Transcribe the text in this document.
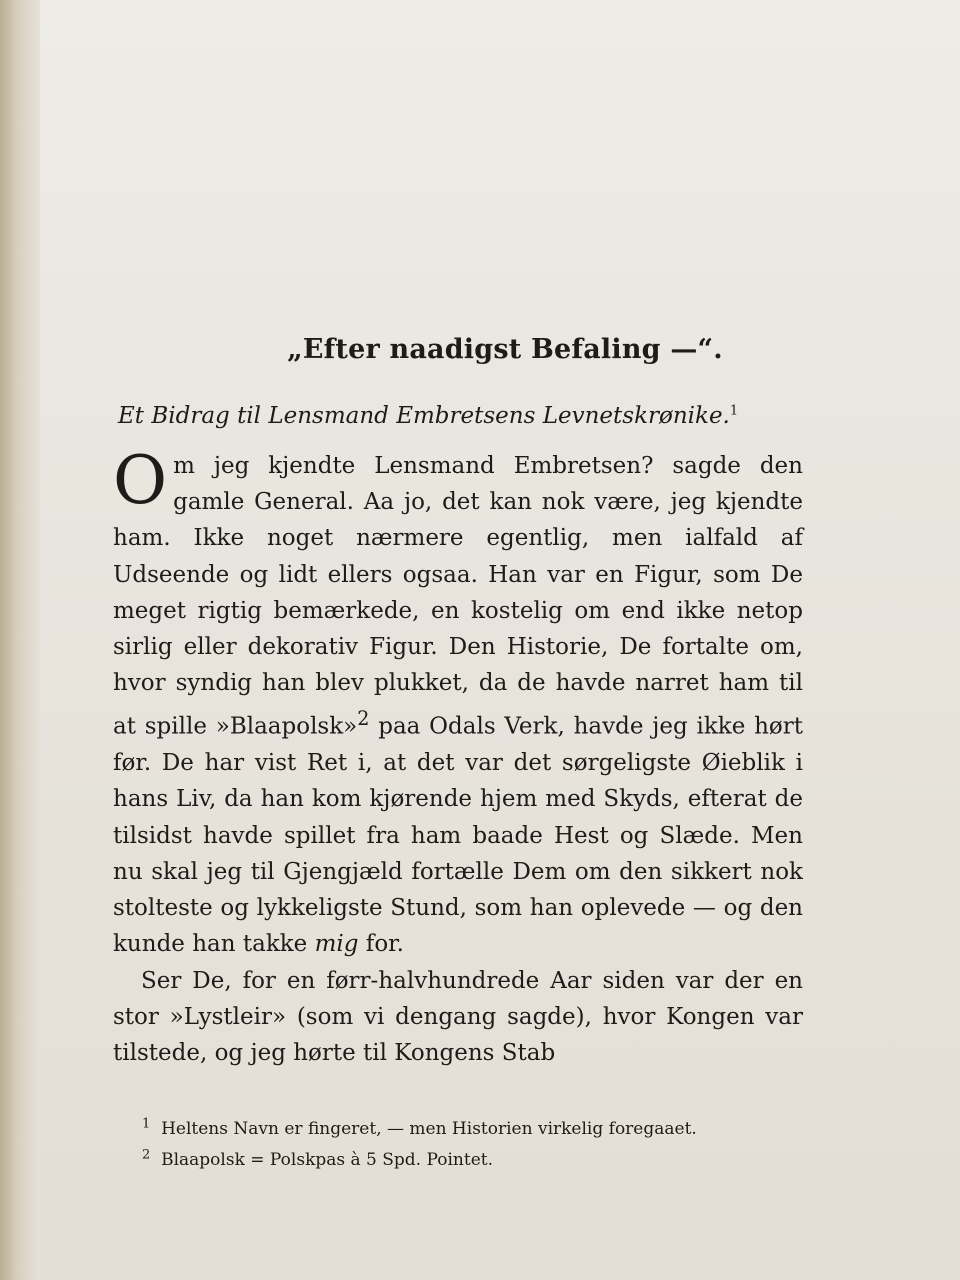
„Efter naadigst Befaling —“.
Et Bidrag til Lensmand Embretsens Levnetskrønike.$^1$

Om jeg kjendte Lensmand Embretsen? sagde den gamle General. Aa jo, det kan nok være, jeg kjendte ham. Ikke noget nærmere egentlig, men ialfald af Udseende og lidt ellers ogsaa. Han var en Figur, som De meget rigtig bemærkede, en kostelig om end ikke netop sirlig eller dekorativ Figur. Den Historie, De fortalte om, hvor syndig han blev plukket, da de havde narret ham til at spille »Blaapolsk»$^2$ paa Odals Verk, havde jeg ikke hørt før. De har vist Ret i, at det var det sørgeligste Øieblik i hans Liv, da han kom kjørende hjem med Skyds, efterat de tilsidst havde spillet fra ham baade Hest og Slæde. Men nu skal jeg til Gjengjæld fortælle Dem om den sikkert nok stolteste og lykkeligste Stund, som han oplevede — og den kunde han takke mig for.

Ser De, for en førr-halvhundrede Aar siden var der en stor »Lystleir» (som vi dengang sagde), hvor Kongen var tilstede, og jeg hørte til Kongens Stab

$^1$ Heltens Navn er fingeret, — men Historien virkelig foregaaet.
$^2$ Blaapolsk = Polskpas à 5 Spd. Pointet.
